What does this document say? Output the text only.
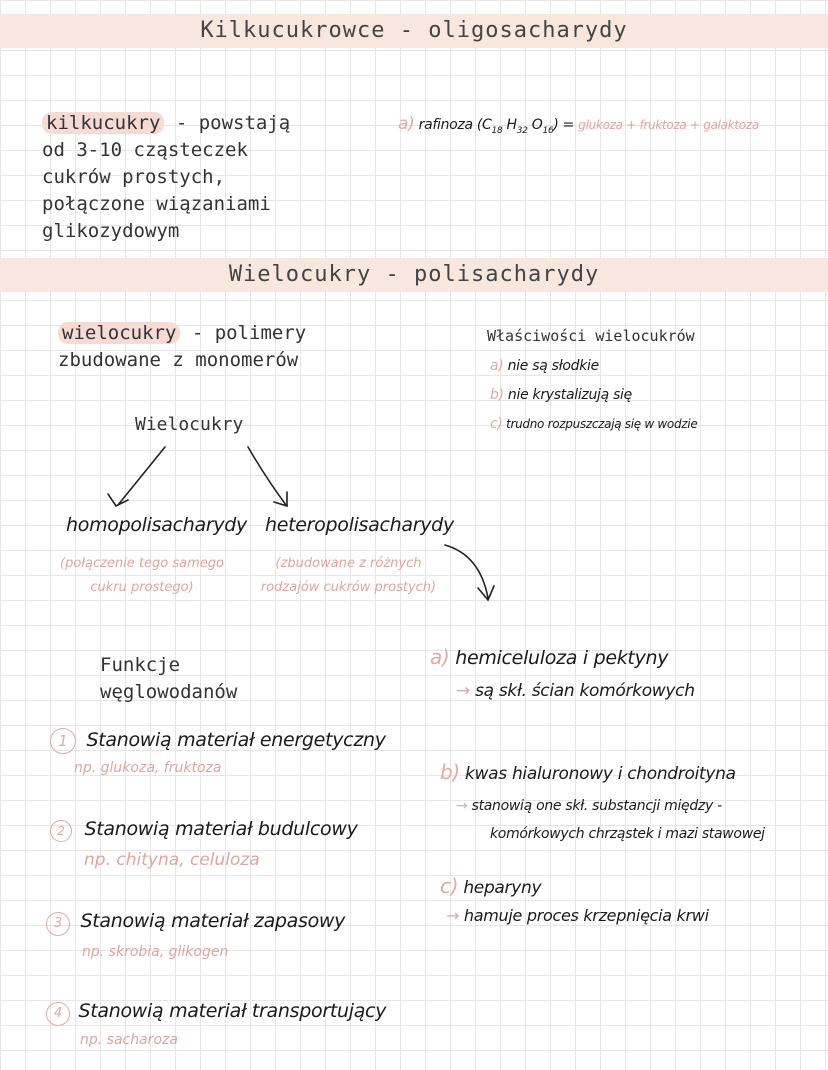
Kilkucukrowce - oligosacharydy
kilkucukry - powstają
od 3-10 cząsteczek
cukrów prostych,
połączone wiązaniami
glikozydowym
a) rafinoza ($C_{18}$ $H_{32}$ $O_{16}$) = glukoza + fruktoza + galaktoza
Wielocukry - polisacharydy
wielocukry - polimery
zbudowane z monomerów
Właściwości wielocukrów
a) nie są słodkie
b) nie krystalizują się
c) trudno rozpuszczają się w wodzie
Wielocukry
homopolisacharydy
(połączenie tego samego
cukru prostego)
heteropolisacharydy
(zbudowane z różnych
rodzajów cukrów prostych)
Funkcje
węglowodanów
1 Stanowią materiał energetyczny
np. glukoza, fruktoza
2 Stanowią materiał budulcowy
np. chityna, celuloza
3 Stanowią materiał zapasowy
np. skrobia, glikogen
4 Stanowią materiał transportujący
np. sacharoza
a) hemiceluloza i pektyny
→ są skł. ścian komórkowych
b) kwas hialuronowy i chondroityna
→ stanowią one skł. substancji między -
komórkowych chrząstek i mazi stawowej
c) heparyny
→ hamuje proces krzepnięcia krwi
